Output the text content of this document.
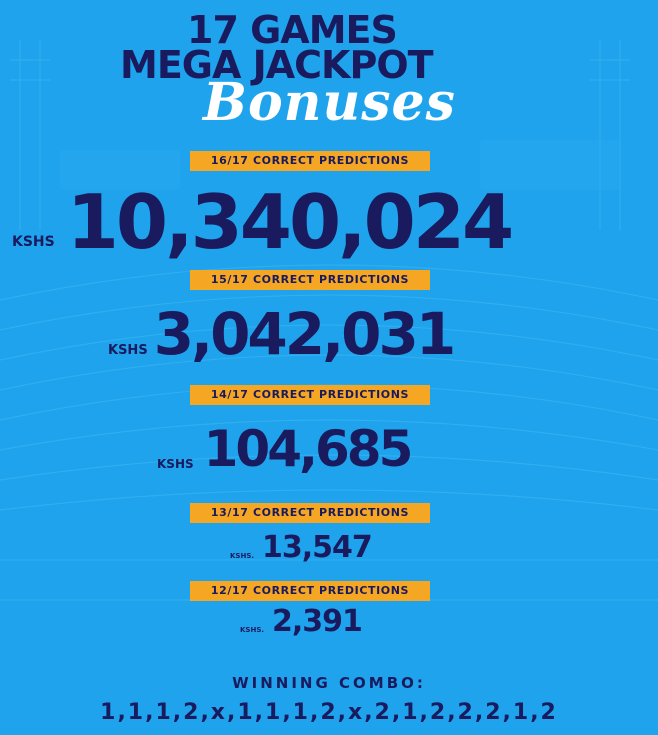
17 GAMES
MEGA JACKPOT
Bonuses
16/17 CORRECT PREDICTIONS
KSHS 10,340,024
15/17 CORRECT PREDICTIONS
KSHS 3,042,031
14/17 CORRECT PREDICTIONS
KSHS 104,685
13/17 CORRECT PREDICTIONS
KSHS. 13,547
12/17 CORRECT PREDICTIONS
KSHS. 2,391
WINNING COMBO:
1,1,1,2,x,1,1,1,2,x,2,1,2,2,2,1,2
